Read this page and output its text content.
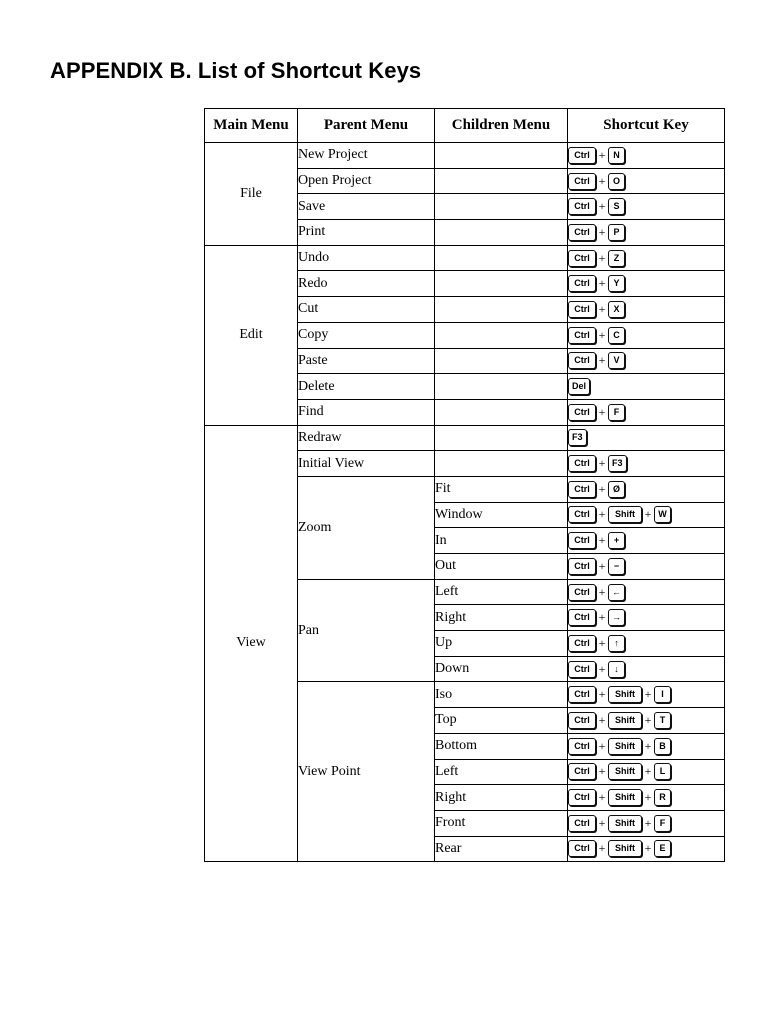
APPENDIX B. List of Shortcut Keys
Main Menu	Parent Menu	Children Menu	Shortcut Key
File	New Project		Ctrl + N
	Open Project		Ctrl + O
	Save		Ctrl + S
	Print		Ctrl + P
Edit	Undo		Ctrl + Z
	Redo		Ctrl + Y
	Cut		Ctrl + X
	Copy		Ctrl + C
	Paste		Ctrl + V
	Delete		Del
	Find		Ctrl + F
View	Redraw		F3
	Initial View		Ctrl + F3
	Zoom	Fit	Ctrl + Ø
		Window	Ctrl + Shift + W
		In	Ctrl + +
		Out	Ctrl + −
	Pan	Left	Ctrl + ←
		Right	Ctrl + →
		Up	Ctrl + ↑
		Down	Ctrl + ↓
	View Point	Iso	Ctrl + Shift + I
		Top	Ctrl + Shift + T
		Bottom	Ctrl + Shift + B
		Left	Ctrl + Shift + L
		Right	Ctrl + Shift + R
		Front	Ctrl + Shift + F
		Rear	Ctrl + Shift + E
